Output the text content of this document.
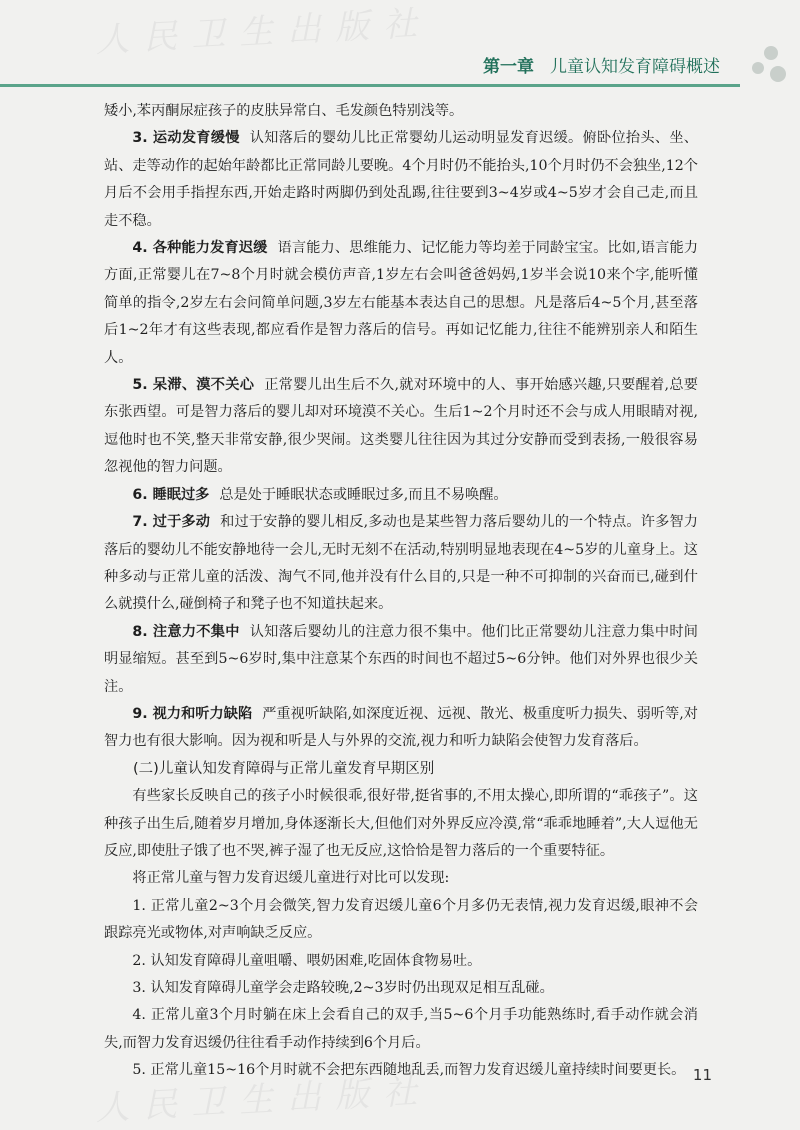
人民卫生出版社
人民卫生出版社
第一章 儿童认知发育障碍概述

矮小,苯丙酮尿症孩子的皮肤异常白、毛发颜色特别浅等。

3. 运动发育缓慢 认知落后的婴幼儿比正常婴幼儿运动明显发育迟缓。俯卧位抬头、坐、站、走等动作的起始年龄都比正常同龄儿要晚。4个月时仍不能抬头,10个月时仍不会独坐,12个月后不会用手指捏东西,开始走路时两脚仍到处乱踢,往往要到3~4岁或4~5岁才会自己走,而且走不稳。

4. 各种能力发育迟缓 语言能力、思维能力、记忆能力等均差于同龄宝宝。比如,语言能力方面,正常婴儿在7~8个月时就会模仿声音,1岁左右会叫爸爸妈妈,1岁半会说10来个字,能听懂简单的指令,2岁左右会问简单问题,3岁左右能基本表达自己的思想。凡是落后4~5个月,甚至落后1~2年才有这些表现,都应看作是智力落后的信号。再如记忆能力,往往不能辨别亲人和陌生人。

5. 呆滞、漠不关心 正常婴儿出生后不久,就对环境中的人、事开始感兴趣,只要醒着,总要东张西望。可是智力落后的婴儿却对环境漠不关心。生后1~2个月时还不会与成人用眼睛对视,逗他时也不笑,整天非常安静,很少哭闹。这类婴儿往往因为其过分安静而受到表扬,一般很容易忽视他的智力问题。

6. 睡眠过多 总是处于睡眠状态或睡眠过多,而且不易唤醒。

7. 过于多动 和过于安静的婴儿相反,多动也是某些智力落后婴幼儿的一个特点。许多智力落后的婴幼儿不能安静地待一会儿,无时无刻不在活动,特别明显地表现在4~5岁的儿童身上。这种多动与正常儿童的活泼、淘气不同,他并没有什么目的,只是一种不可抑制的兴奋而已,碰到什么就摸什么,碰倒椅子和凳子也不知道扶起来。

8. 注意力不集中 认知落后婴幼儿的注意力很不集中。他们比正常婴幼儿注意力集中时间明显缩短。甚至到5~6岁时,集中注意某个东西的时间也不超过5~6分钟。他们对外界也很少关注。

9. 视力和听力缺陷 严重视听缺陷,如深度近视、远视、散光、极重度听力损失、弱听等,对智力也有很大影响。因为视和听是人与外界的交流,视力和听力缺陷会使智力发育落后。

(二)儿童认知发育障碍与正常儿童发育早期区别

有些家长反映自己的孩子小时候很乖,很好带,挺省事的,不用太操心,即所谓的“乖孩子”。这种孩子出生后,随着岁月增加,身体逐渐长大,但他们对外界反应冷漠,常“乖乖地睡着”,大人逗他无反应,即使肚子饿了也不哭,裤子湿了也无反应,这恰恰是智力落后的一个重要特征。

将正常儿童与智力发育迟缓儿童进行对比可以发现:

1. 正常儿童2~3个月会微笑,智力发育迟缓儿童6个月多仍无表情,视力发育迟缓,眼神不会跟踪亮光或物体,对声响缺乏反应。

2. 认知发育障碍儿童咀嚼、喂奶困难,吃固体食物易吐。

3. 认知发育障碍儿童学会走路较晚,2~3岁时仍出现双足相互乱碰。

4. 正常儿童3个月时躺在床上会看自己的双手,当5~6个月手功能熟练时,看手动作就会消失,而智力发育迟缓仍往往看手动作持续到6个月后。

5. 正常儿童15~16个月时就不会把东西随地乱丢,而智力发育迟缓儿童持续时间要更长。 11
